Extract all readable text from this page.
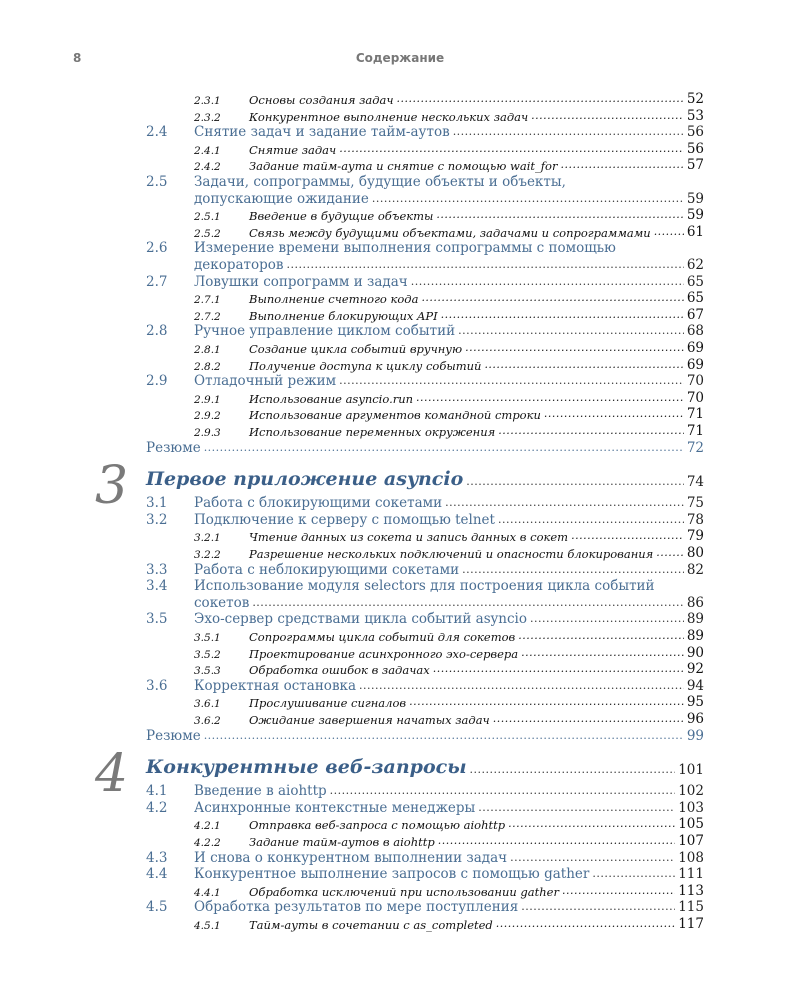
8	Содержание
2.3.1	Основы создания задач .....	52
2.3.2	Конкурентное выполнение нескольких задач .....	53
2.4	Снятие задач и задание тайм-аутов .....	56
2.4.1	Снятие задач .....	56
2.4.2	Задание тайм-аута и снятие с помощью wait_for .....	57
2.5	Задачи, сопрограммы, будущие объекты и объекты,
допускающие ожидание .....	59
2.5.1	Введение в будущие объекты .....	59
2.5.2	Связь между будущими объектами, задачами и сопрограммами .....	61
2.6	Измерение времени выполнения сопрограммы с помощью
декораторов .....	62
2.7	Ловушки сопрограмм и задач .....	65
2.7.1	Выполнение счетного кода .....	65
2.7.2	Выполнение блокирующих API .....	67
2.8	Ручное управление циклом событий .....	68
2.8.1	Создание цикла событий вручную .....	69
2.8.2	Получение доступа к циклу событий .....	69
2.9	Отладочный режим .....	70
2.9.1	Использование asyncio.run .....	70
2.9.2	Использование аргументов командной строки .....	71
2.9.3	Использование переменных окружения .....	71
Резюме .....	72
3 Первое приложение asyncio .....	74
3.1	Работа с блокирующими сокетами .....	75
3.2	Подключение к серверу с помощью telnet .....	78
3.2.1	Чтение данных из сокета и запись данных в сокет .....	79
3.2.2	Разрешение нескольких подключений и опасности блокирования ..... 80
3.3	Работа с неблокирующими сокетами .....	82
3.4	Использование модуля selectors для построения цикла событий
сокетов .....	86
3.5	Эхо-сервер средствами цикла событий asyncio .....	89
3.5.1	Сопрограммы цикла событий для сокетов .....	89
3.5.2	Проектирование асинхронного эхо-сервера .....	90
3.5.3	Обработка ошибок в задачах .....	92
3.6	Корректная остановка .....	94
3.6.1	Прослушивание сигналов .....	95
3.6.2	Ожидание завершения начатых задач .....	96
Резюме .....	99
4 Конкурентные веб-запросы .....	101
4.1	Введение в aiohttp .....	102
4.2	Асинхронные контекстные менеджеры .....	103
4.2.1	Отправка веб-запроса с помощью aiohttp .....	105
4.2.2	Задание тайм-аутов в aiohttp .....	107
4.3	И снова о конкурентном выполнении задач .....	108
4.4	Конкурентное выполнение запросов с помощью gather .....	111
4.4.1	Обработка исключений при использовании gather .....	113
4.5	Обработка результатов по мере поступления .....	115
4.5.1	Тайм-ауты в сочетании с as_completed .....	117
